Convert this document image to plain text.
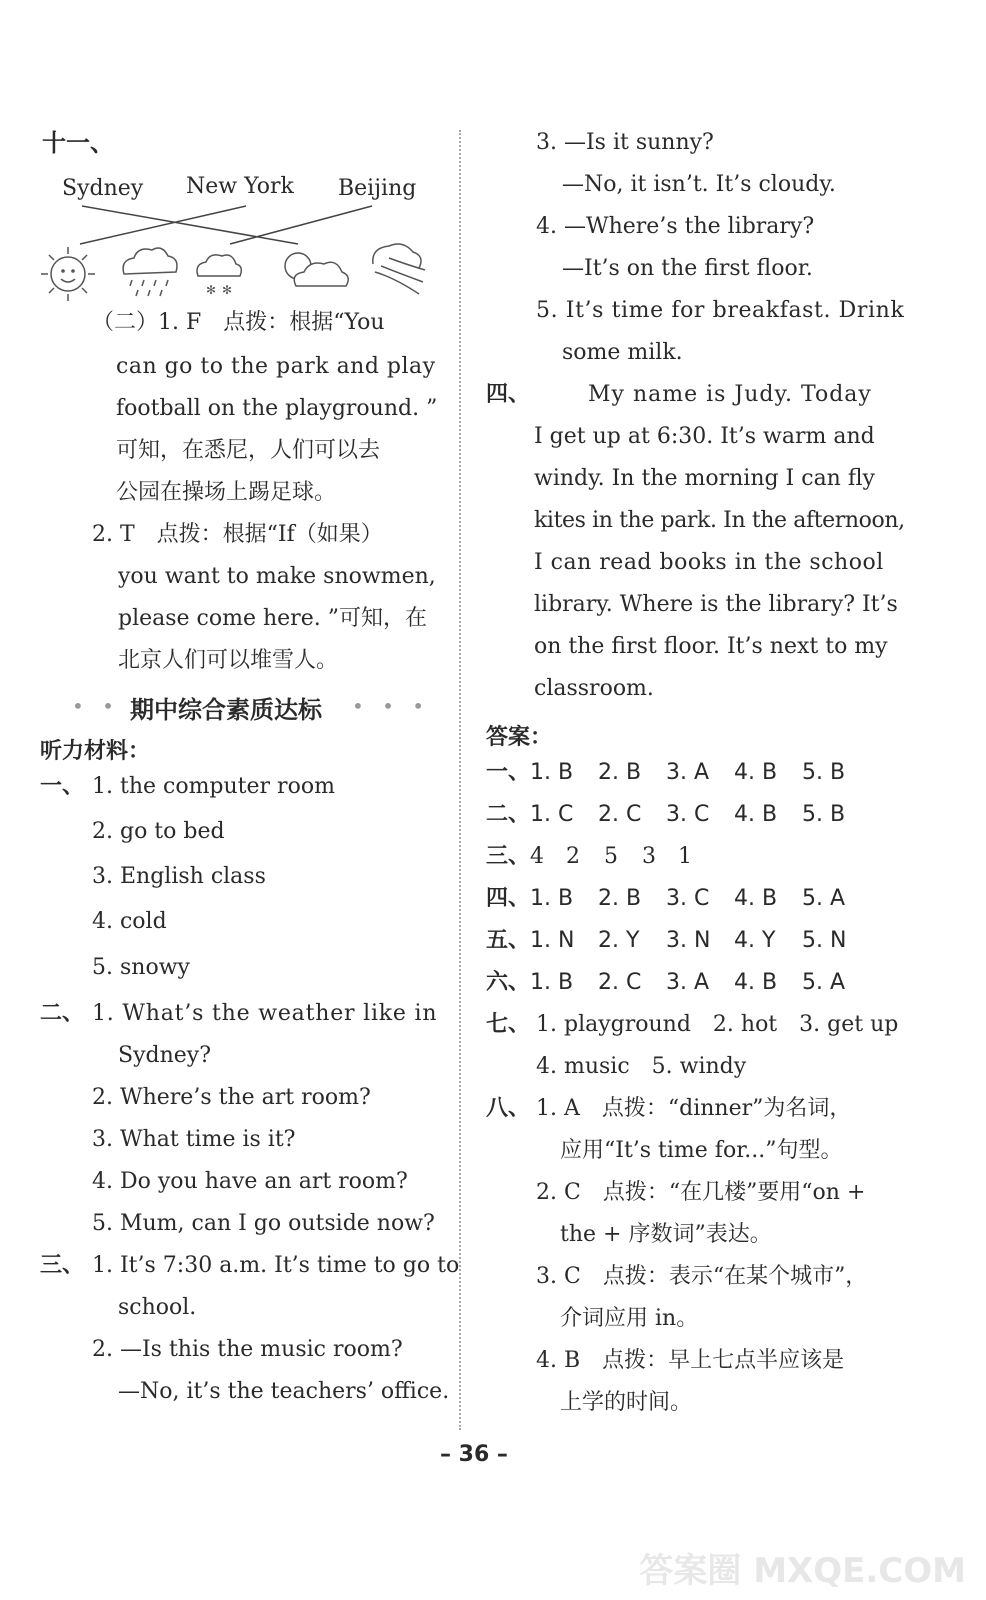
十一、
Sydney New York Beijing
✻ ✻
（二）1. F　点拨：根据“You
can go to the park and play
football on the playground. ”
可知，在悉尼，人们可以去
公园在操场上踢足球。
2. T　点拨：根据“If（如果）
you want to make snowmen,
please come here. ”可知，在
北京人们可以堆雪人。
• • •
期中综合素质达标 • • •
听力材料：
一、 1. the computer room
2. go to bed
3. English class
4. cold
5. snowy
二、 1. What’s the weather like in
Sydney?
2. Where’s the art room?
3. What time is it?
4. Do you have an art room?
5. Mum, can I go outside now?
三、 1. It’s 7:30 a.m. It’s time to go to
school.
2. —Is this the music room?
—No, it’s the teachers’ office.
3. —Is it sunny?
—No, it isn’t. It’s cloudy.
4. —Where’s the library?
—It’s on the first floor.
5. It’s time for breakfast. Drink
some milk.
四、	My name is Judy. Today
I get up at 6:30. It’s warm and
windy. In the morning I can fly
kites in the park. In the afternoon,
I can read books in the school
library. Where is the library? It’s
on the first floor. It’s next to my
classroom.
答案：
一、1. B 2. B 3. A 4. B 5. B
二、1. C 2. C 3. C 4. B 5. B
三、4 2 5 3 1
四、1. B 2. B 3. C 4. B 5. A
五、1. N 2. Y 3. N 4. Y 5. N
六、1. B 2. C 3. A 4. B 5. A
七、 1. playground　2. hot　3. get up
4. music　5. windy
八、 1. A　点拨：“dinner”为名词，
应用“It’s time for...”句型。
2. C　点拨：“在几楼”要用“on +
the + 序数词”表达。
3. C　点拨：表示“在某个城市”，
介词应用 in。
4. B　点拨：早上七点半应该是
上学的时间。
– 36 –
答案圈 MXQE.COM
